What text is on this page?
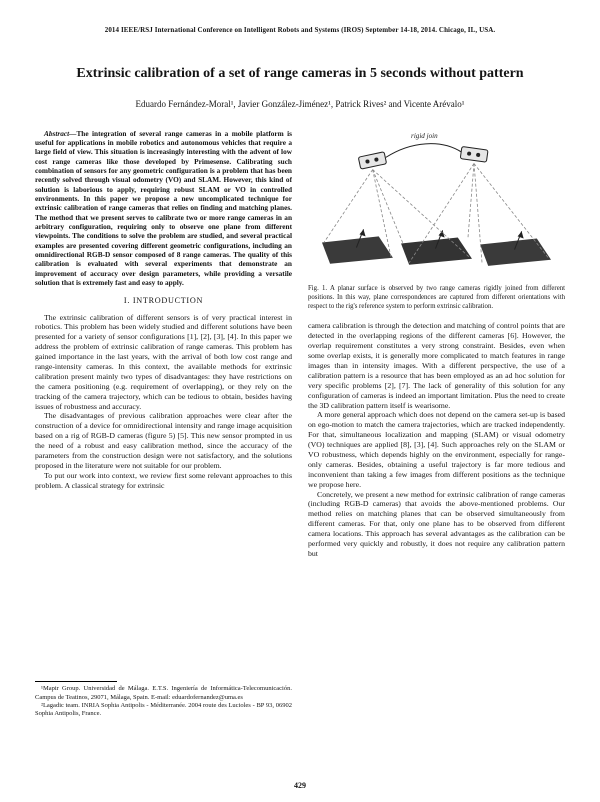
2014 IEEE/RSJ International Conference on Intelligent Robots and Systems (IROS) September 14-18, 2014. Chicago, IL, USA.
Extrinsic calibration of a set of range cameras in 5 seconds without pattern
Eduardo Fernández-Moral¹, Javier González-Jiménez¹, Patrick Rives² and Vicente Arévalo¹

Abstract—The integration of several range cameras in a mobile platform is useful for applications in mobile robotics and autonomous vehicles that require a large field of view. This situation is increasingly interesting with the advent of low cost range cameras like those developed by Primesense. Calibrating such combination of sensors for any geometric configuration is a problem that has been recently solved through visual odometry (VO) and SLAM. However, this kind of solution is laborious to apply, requiring robust SLAM or VO in controlled environments. In this paper we propose a new uncomplicated technique for extrinsic calibration of range cameras that relies on finding and matching planes. The method that we present serves to calibrate two or more range cameras in an arbitrary configuration, requiring only to observe one plane from different viewpoints. The conditions to solve the problem are studied, and several practical examples are presented covering different geometric configurations, including an omnidirectional RGB-D sensor composed of 8 range cameras. The quality of this calibration is evaluated with several experiments that demonstrate an improvement of accuracy over design parameters, while providing a versatile solution that is extremely fast and easy to apply.

I. INTRODUCTION

The extrinsic calibration of different sensors is of very practical interest in robotics. This problem has been widely studied and different solutions have been presented for a variety of sensor configurations [1], [2], [3], [4]. In this paper we address the problem of extrinsic calibration of range cameras. This problem has gained importance in the last years, with the arrival of both low cost range and range-intensity cameras. In this context, the available methods for extrinsic calibration present mainly two types of disadvantages: they have restrictions on the camera positioning (e.g. requirement of overlapping), or they rely on the tracking of the camera trajectory, which can be tedious to obtain, besides having issues of robustness and accuracy.

The disadvantages of previous calibration approaches were clear after the construction of a device for omnidirectional intensity and range image acquisition based on a rig of RGB-D cameras (figure 5) [5]. This new sensor prompted in us the need of a robust and easy calibration method, since the accuracy of the parameters from the construction design were not satisfactory, and the solutions proposed in the literature were not suitable for our problem.

To put our work into context, we review first some relevant approaches to this problem. A classical strategy for extrinsic

¹Mapir Group. Universidad de Málaga. E.T.S. Ingeniería de Informática-Telecomunicación. Campus de Teatinos, 29071, Málaga, Spain. E-mail: eduardofernandez@uma.es

²Lagadic team. INRIA Sophia Antipolis - Méditerranée. 2004 route des Lucioles - BP 93, 06902 Sophia Antipolis, France.

rigid join

Fig. 1. A planar surface is observed by two range cameras rigidly joined from different positions. In this way, plane correspondences are captured from different orientations with respect to the rig's reference system to perform extrinsic calibration.

camera calibration is through the detection and matching of control points that are detected in the overlapping regions of the different cameras [6]. However, the overlap requirement constitutes a very strong constraint. Besides, even when some overlap exists, it is generally more complicated to match features in range images than in intensity images. With a different perspective, the use of a calibration pattern is a resource that has been employed as an ad hoc solution for very specific problems [2], [7]. The lack of generality of this solution for any configuration of cameras is indeed an important limitation. Plus the need to create the 3D calibration pattern itself is wearisome.

A more general approach which does not depend on the camera set-up is based on ego-motion to match the camera trajectories, which are tracked independently. For that, simultaneous localization and mapping (SLAM) or visual odometry (VO) techniques are applied [8], [3], [4]. Such approaches rely on the SLAM or VO robustness, which depends highly on the environment, especially for range-only cameras. Besides, obtaining a useful trajectory is far more tedious and inconvenient than taking a few images from different positions as the technique we propose here.

Concretely, we present a new method for extrinsic calibration of range cameras (including RGB-D cameras) that avoids the above-mentioned problems. Our method relies on matching planes that can be observed simultaneously from different cameras. For that, only one plane has to be observed from different camera locations. This approach has several advantages as the calibration can be performed very quickly and robustly, it does not require any calibration pattern but

429
